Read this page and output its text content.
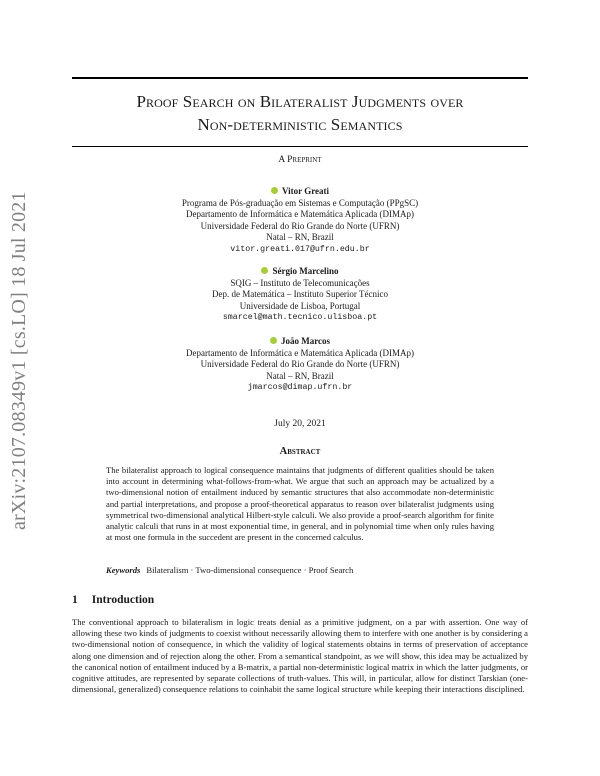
arXiv:2107.08349v1 [cs.LO] 18 Jul 2021
Proof Search on Bilateralist Judgments over
Non-deterministic Semantics
A Preprint
Vitor Greati
Programa de Pós-graduação em Sistemas e Computação (PPgSC)
Departamento de Informática e Matemática Aplicada (DIMAp)
Universidade Federal do Rio Grande do Norte (UFRN)
Natal – RN, Brazil
vitor.greati.017@ufrn.edu.br
Sérgio Marcelino
SQIG – Instituto de Telecomunicações
Dep. de Matemática – Instituto Superior Técnico
Universidade de Lisboa, Portugal
smarcel@math.tecnico.ulisboa.pt
João Marcos
Departamento de Informática e Matemática Aplicada (DIMAp)
Universidade Federal do Rio Grande do Norte (UFRN)
Natal – RN, Brazil
jmarcos@dimap.ufrn.br
July 20, 2021
Abstract
The bilateralist approach to logical consequence maintains that judgments of different qualities should be taken into account in determining what-follows-from-what. We argue that such an approach may be actualized by a two-dimensional notion of entailment induced by semantic structures that also accommodate non-deterministic and partial interpretations, and propose a proof-theoretical apparatus to reason over bilateralist judgments using symmetrical two-dimensional analytical Hilbert-style calculi. We also provide a proof-search algorithm for finite analytic calculi that runs in at most exponential time, in general, and in polynomial time when only rules having at most one formula in the succedent are present in the concerned calculus.
Keywords Bilateralism · Two-dimensional consequence · Proof Search
1 Introduction
The conventional approach to bilateralism in logic treats denial as a primitive judgment, on a par with assertion. One way of allowing these two kinds of judgments to coexist without necessarily allowing them to interfere with one another is by considering a two-dimensional notion of consequence, in which the validity of logical statements obtains in terms of preservation of acceptance along one dimension and of rejection along the other. From a semantical standpoint, as we will show, this idea may be actualized by the canonical notion of entailment induced by a B-matrix, a partial non-deterministic logical matrix in which the latter judgments, or cognitive attitudes, are represented by separate collections of truth-values. This will, in particular, allow for distinct Tarskian (one-dimensional, generalized) consequence relations to coinhabit the same logical structure while keeping their interactions disciplined.
